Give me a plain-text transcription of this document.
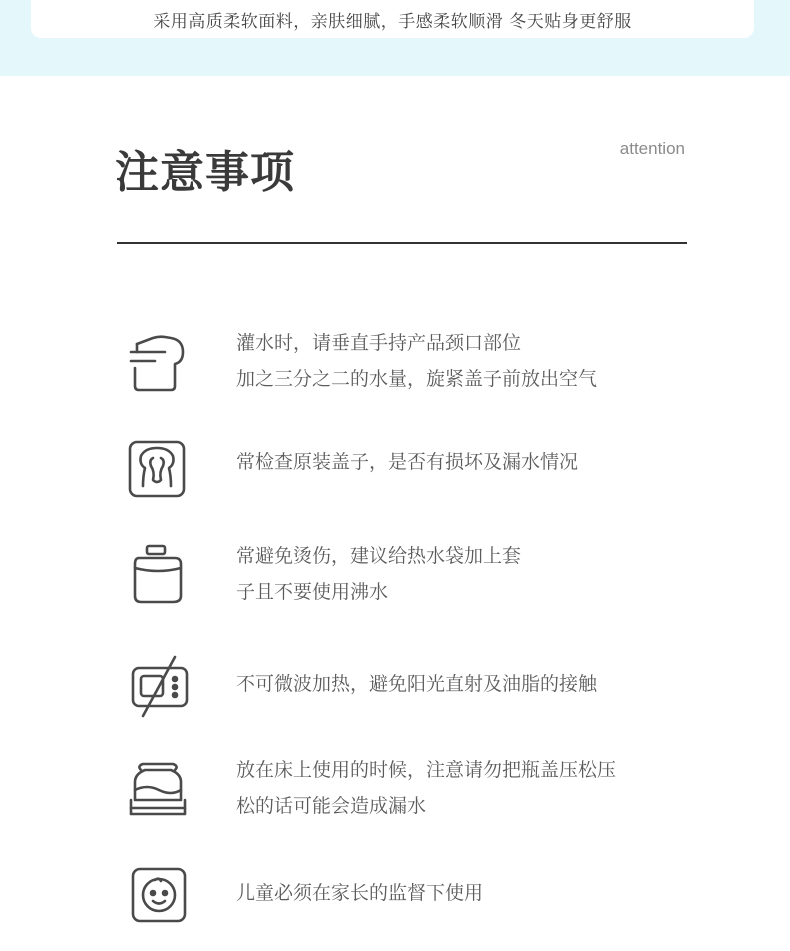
采用高质柔软面料，亲肤细腻，手感柔软顺滑 冬天贴身更舒服
注意事项	attention
灌水时，请垂直手持产品颈口部位
加之三分之二的水量，旋紧盖子前放出空气
常检查原装盖子，是否有损坏及漏水情况
常避免烫伤，建议给热水袋加上套
子且不要使用沸水
不可微波加热，避免阳光直射及油脂的接触
放在床上使用的时候，注意请勿把瓶盖压松压
松的话可能会造成漏水
儿童必须在家长的监督下使用
